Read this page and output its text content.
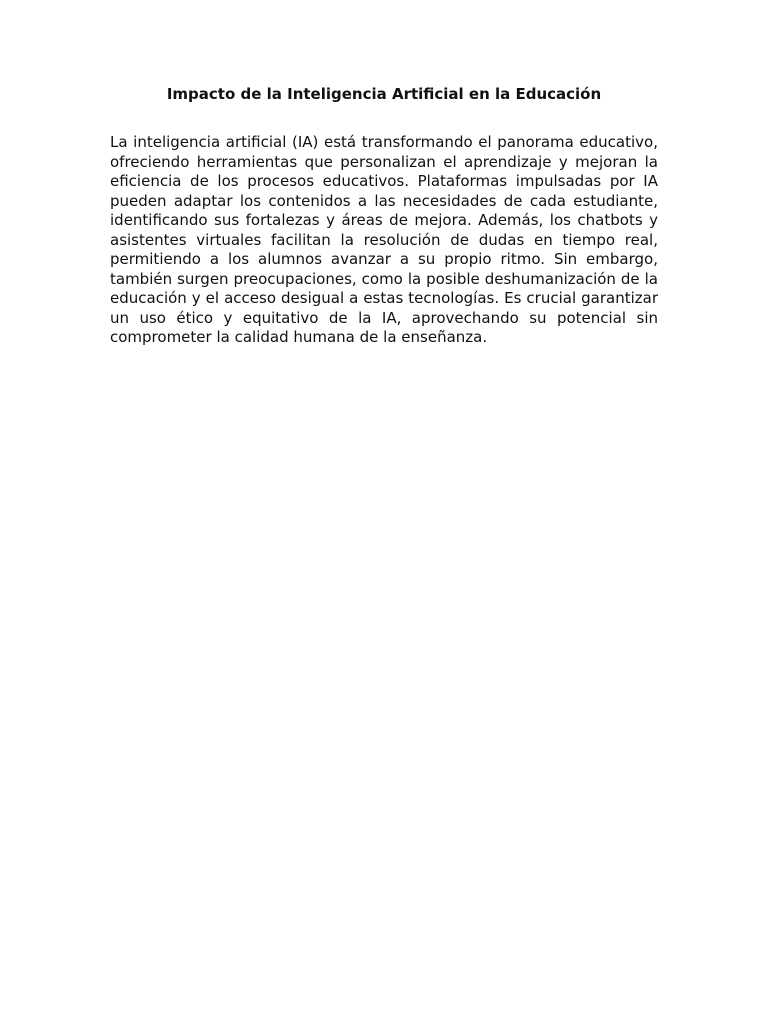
Impacto de la Inteligencia Artificial en la Educación

La inteligencia artificial (IA) está transformando el panorama educativo, ofreciendo herramientas que personalizan el aprendizaje y mejoran la eficiencia de los procesos educativos. Plataformas impulsadas por IA pueden adaptar los contenidos a las necesidades de cada estudiante, identificando sus fortalezas y áreas de mejora. Además, los chatbots y asistentes virtuales facilitan la resolución de dudas en tiempo real, permitiendo a los alumnos avanzar a su propio ritmo. Sin embargo, también surgen preocupaciones, como la posible deshumanización de la educación y el acceso desigual a estas tecnologías. Es crucial garantizar un uso ético y equitativo de la IA, aprovechando su potencial sin comprometer la calidad humana de la enseñanza.
